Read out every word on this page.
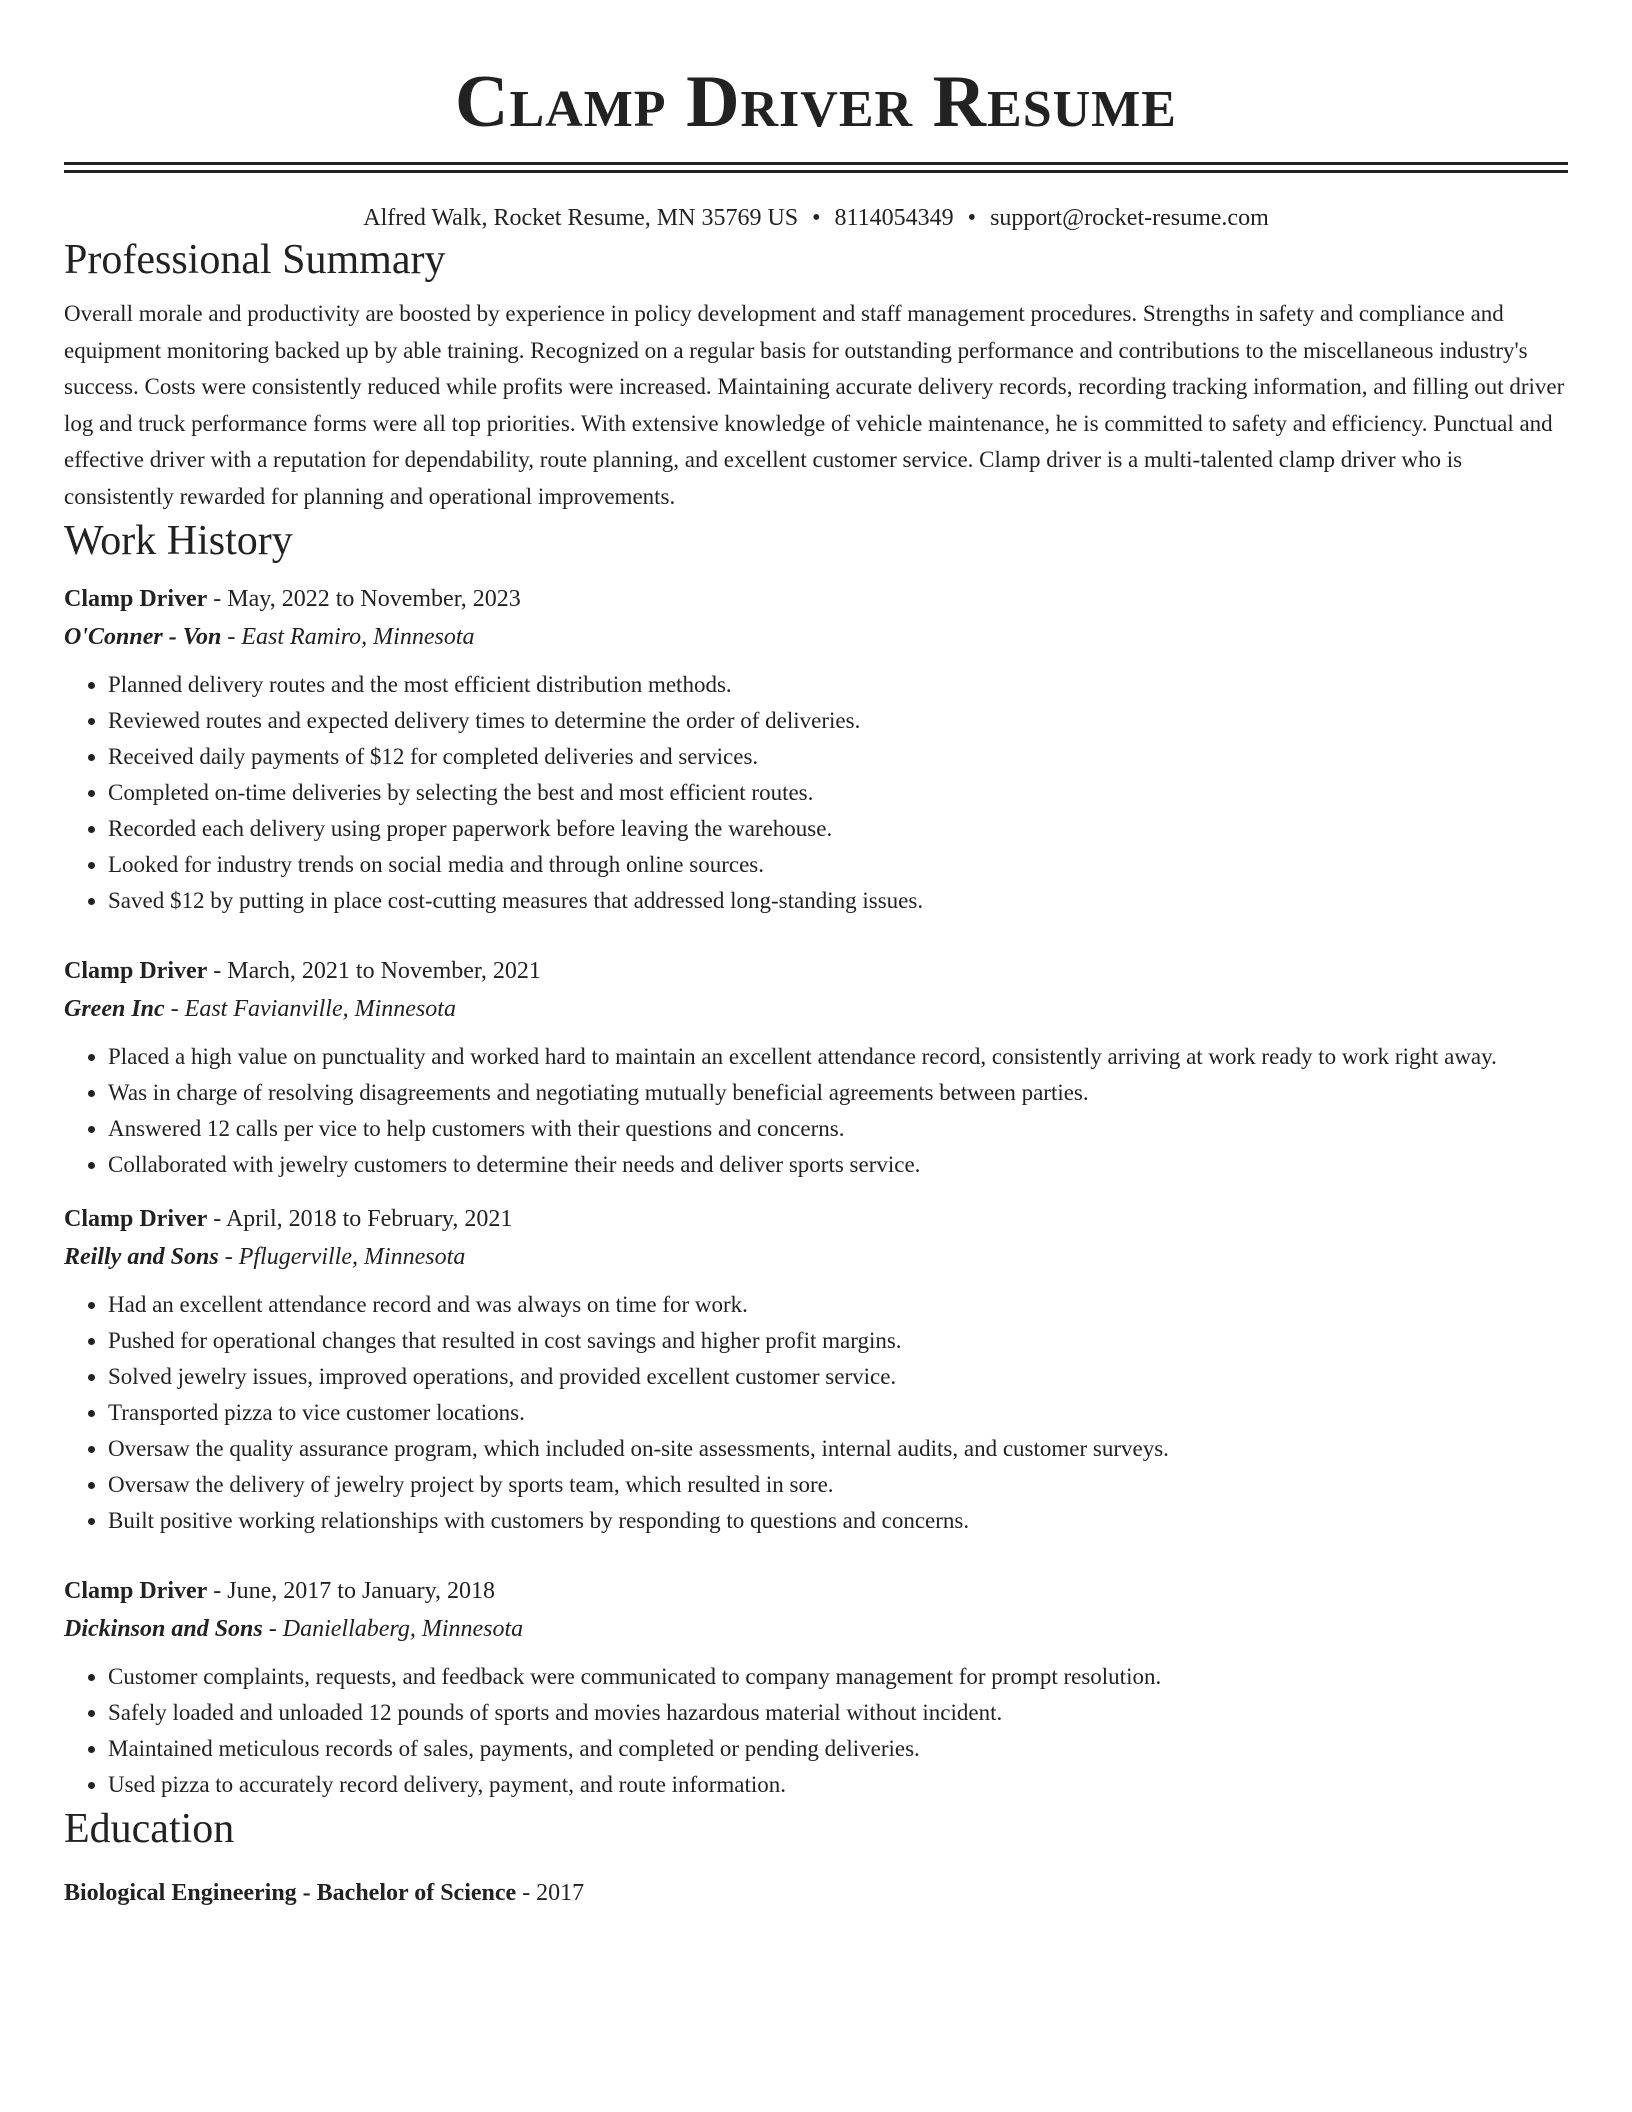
Clamp Driver Resume
Alfred Walk, Rocket Resume, MN 35769 US • 8114054349 • support@rocket-resume.com
Professional Summary

Overall morale and productivity are boosted by experience in policy development and staff management procedures. Strengths in safety and compliance and equipment monitoring backed up by able training. Recognized on a regular basis for outstanding performance and contributions to the miscellaneous industry's success. Costs were consistently reduced while profits were increased. Maintaining accurate delivery records, recording tracking information, and filling out driver log and truck performance forms were all top priorities. With extensive knowledge of vehicle maintenance, he is committed to safety and efficiency. Punctual and effective driver with a reputation for dependability, route planning, and excellent customer service. Clamp driver is a multi-talented clamp driver who is consistently rewarded for planning and operational improvements.

Work History
Clamp Driver - May, 2022 to November, 2023
O'Conner - Von - East Ramiro, Minnesota
• Planned delivery routes and the most efficient distribution methods.
• Reviewed routes and expected delivery times to determine the order of deliveries.
• Received daily payments of $12 for completed deliveries and services.
• Completed on-time deliveries by selecting the best and most efficient routes.
• Recorded each delivery using proper paperwork before leaving the warehouse.
• Looked for industry trends on social media and through online sources.
• Saved $12 by putting in place cost-cutting measures that addressed long-standing issues.
Clamp Driver - March, 2021 to November, 2021
Green Inc - East Favianville, Minnesota
• Placed a high value on punctuality and worked hard to maintain an excellent attendance record, consistently arriving at work ready to work right away.
• Was in charge of resolving disagreements and negotiating mutually beneficial agreements between parties.
• Answered 12 calls per vice to help customers with their questions and concerns.
• Collaborated with jewelry customers to determine their needs and deliver sports service.
Clamp Driver - April, 2018 to February, 2021
Reilly and Sons - Pflugerville, Minnesota
• Had an excellent attendance record and was always on time for work.
• Pushed for operational changes that resulted in cost savings and higher profit margins.
• Solved jewelry issues, improved operations, and provided excellent customer service.
• Transported pizza to vice customer locations.
• Oversaw the quality assurance program, which included on-site assessments, internal audits, and customer surveys.
• Oversaw the delivery of jewelry project by sports team, which resulted in sore.
• Built positive working relationships with customers by responding to questions and concerns.
Clamp Driver - June, 2017 to January, 2018
Dickinson and Sons - Daniellaberg, Minnesota
• Customer complaints, requests, and feedback were communicated to company management for prompt resolution.
• Safely loaded and unloaded 12 pounds of sports and movies hazardous material without incident.
• Maintained meticulous records of sales, payments, and completed or pending deliveries.
• Used pizza to accurately record delivery, payment, and route information.
Education
Biological Engineering - Bachelor of Science - 2017
